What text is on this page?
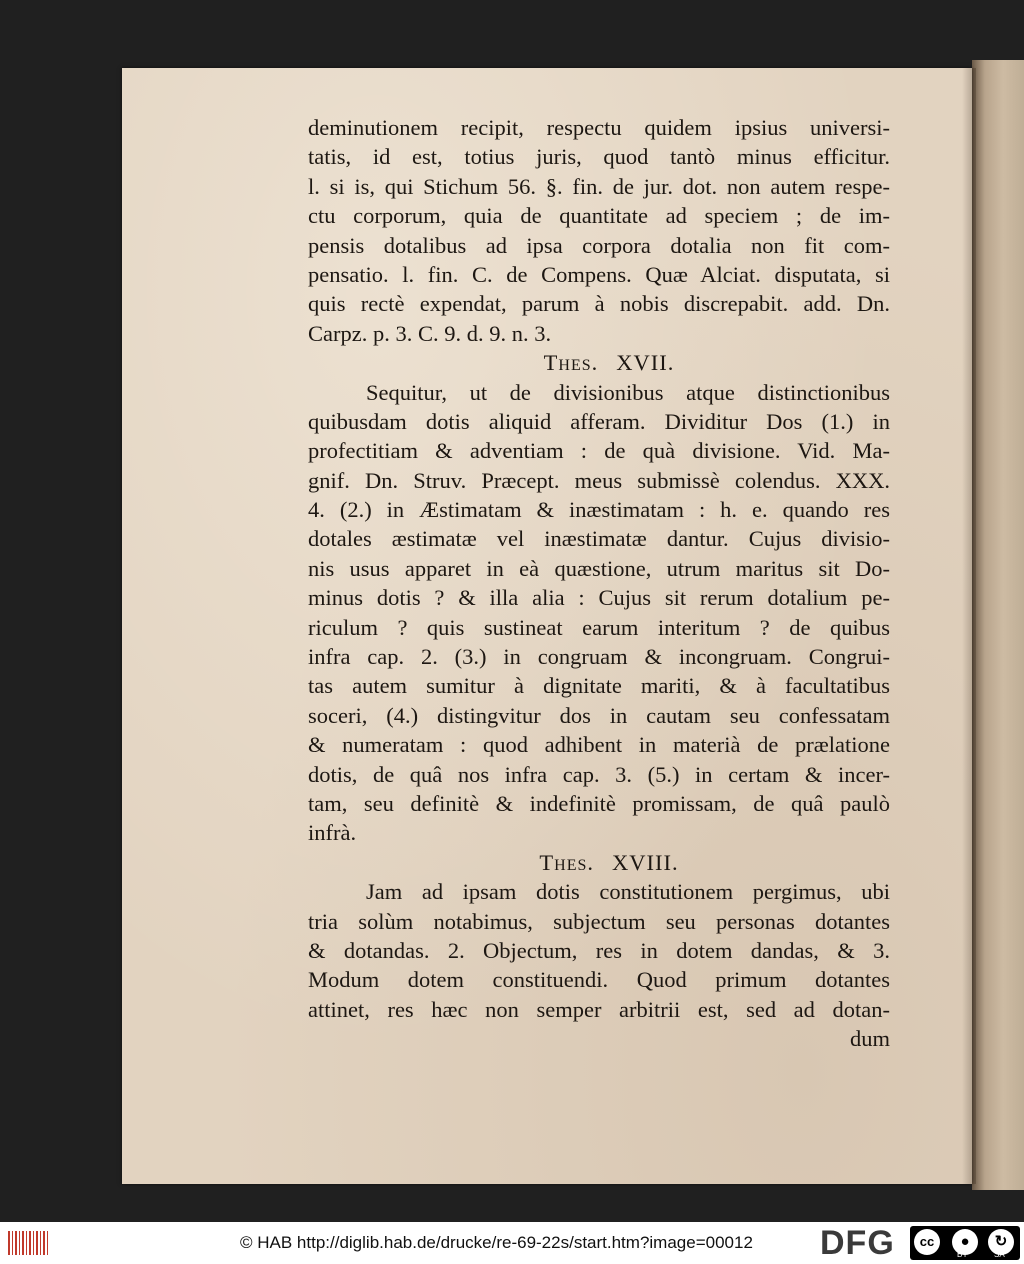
deminutionem recipit, respectu quidem ipsius universi-
tatis, id est, totius juris, quod tantò minus efficitur.
l. si is, qui Stichum 56. §. fin. de jur. dot. non autem respe-
ctu corporum, quia de quantitate ad speciem ; de im-
pensis dotalibus ad ipsa corpora dotalia non fit com-
pensatio. l. fin. C. de Compens. Quæ Alciat. disputata, si
quis rectè expendat, parum à nobis discrepabit. add. Dn.
Carpz. p. 3. C. 9. d. 9. n. 3.
Thes. XVII.
Sequitur, ut de divisionibus atque distinctionibus
quibusdam dotis aliquid afferam. Dividitur Dos (1.) in
profectitiam & adventiam : de quà divisione. Vid. Ma-
gnif. Dn. Struv. Præcept. meus submissè colendus. XXX.
4. (2.) in Æstimatam & inæstimatam : h. e. quando res
dotales æstimatæ vel inæstimatæ dantur. Cujus divisio-
nis usus apparet in eà quæstione, utrum maritus sit Do-
minus dotis ? & illa alia : Cujus sit rerum dotalium pe-
riculum ? quis sustineat earum interitum ? de quibus
infra cap. 2. (3.) in congruam & incongruam. Congrui-
tas autem sumitur à dignitate mariti, & à facultatibus
soceri, (4.) distingvitur dos in cautam seu confessatam
& numeratam : quod adhibent in materià de prælatione
dotis, de quâ nos infra cap. 3. (5.) in certam & incer-
tam, seu definitè & indefinitè promissam, de quâ paulò
infrà.
Thes. XVIII.
Jam ad ipsam dotis constitutionem pergimus, ubi
tria solùm notabimus, subjectum seu personas dotantes
& dotandas. 2. Objectum, res in dotem dandas, & 3.
Modum dotem constituendi. Quod primum dotantes
attinet, res hæc non semper arbitrii est, sed ad dotan-
dum
© HAB http://diglib.hab.de/drucke/re-69-22s/start.htm?image=00012 DFG	cc	●
BY
↻
SA
